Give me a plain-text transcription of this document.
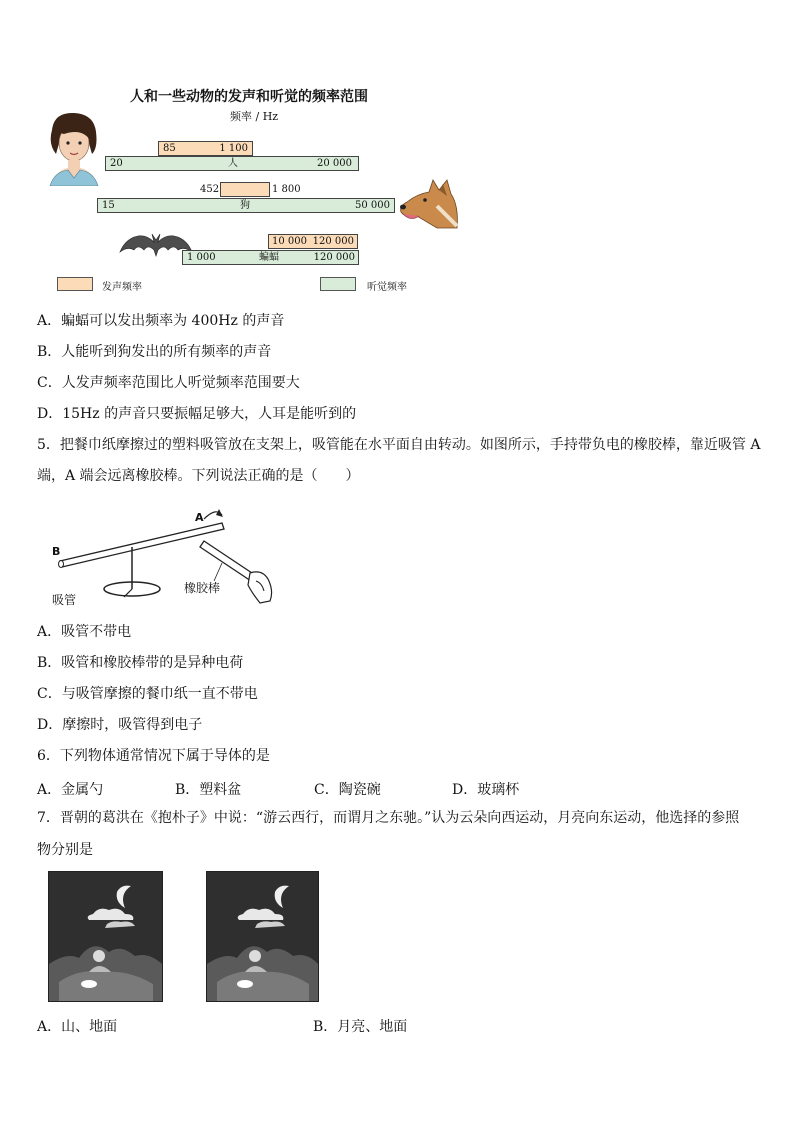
人和一些动物的发声和听觉的频率范围
频率 / Hz
85	1 100
20	人	20 000
452	1 800
15	狗	50 000
10 000 120 000
1 000	蝙蝠	120 000
发声频率	听觉频率
A．蝙蝠可以发出频率为 400Hz 的声音
B．人能听到狗发出的所有频率的声音
C．人发声频率范围比人听觉频率范围要大
D．15Hz 的声音只要振幅足够大，人耳是能听到的
5．把餐巾纸摩擦过的塑料吸管放在支架上，吸管能在水平面自由转动。如图所示，手持带负电的橡胶棒，靠近吸管 A
端，A 端会远离橡胶棒。下列说法正确的是（　　）
A
B
吸管
橡胶棒
A．吸管不带电
B．吸管和橡胶棒带的是异种电荷
C．与吸管摩擦的餐巾纸一直不带电
D．摩擦时，吸管得到电子
6．下列物体通常情况下属于导体的是
A．金属勺	B．塑料盆	C．陶瓷碗	D．玻璃杯
7．晋朝的葛洪在《抱朴子》中说：“游云西行，而谓月之东驰。”认为云朵向西运动，月亮向东运动，他选择的参照
物分别是
A．山、地面	B．月亮、地面
